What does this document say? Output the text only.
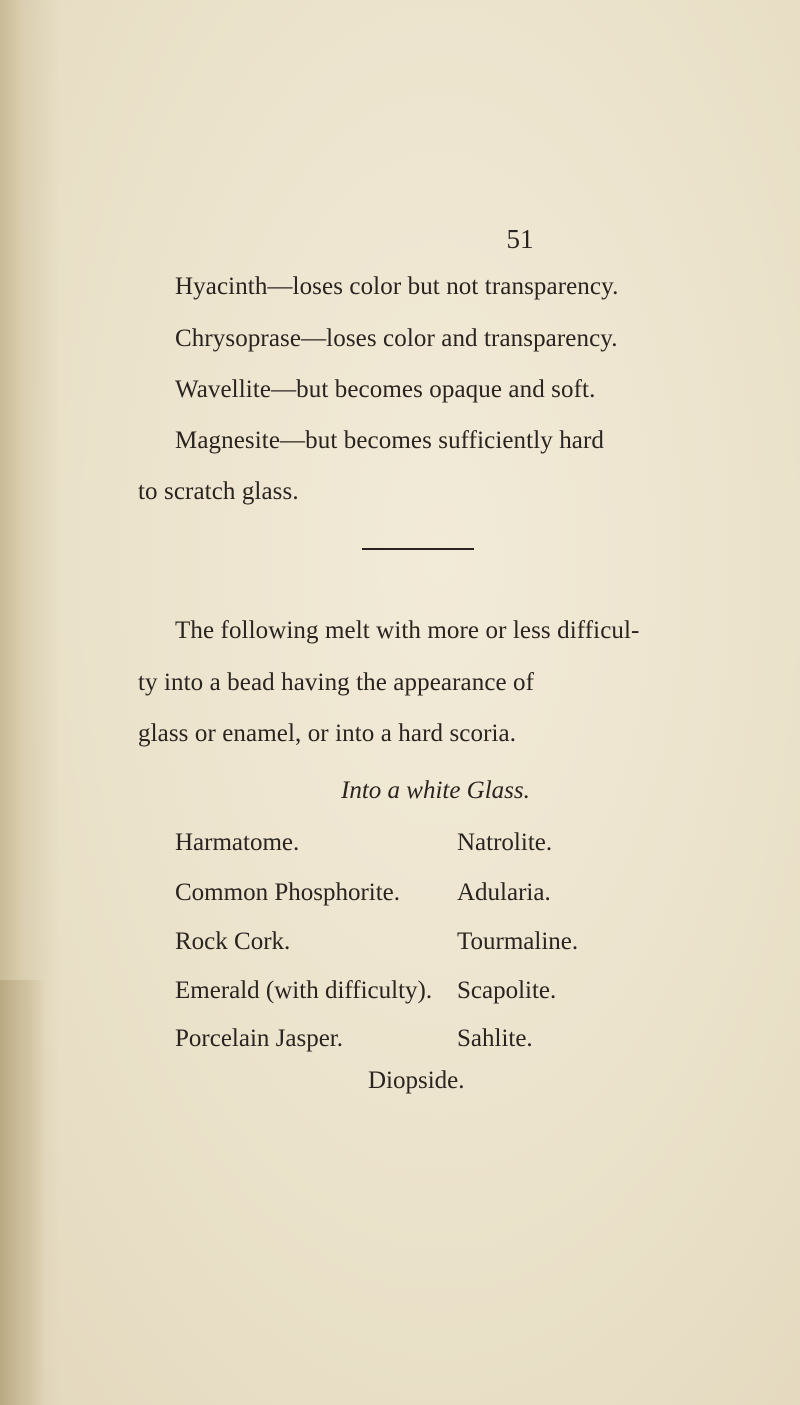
51
Hyacinth—loses color but not transparency.
Chrysoprase—loses color and transparency.
Wavellite—but becomes opaque and soft.
Magnesite—but becomes sufficiently hard
to scratch glass.
The following melt with more or less difficul-
ty into a bead having the appearance of
glass or enamel, or into a hard scoria.
Into a white Glass.
Harmatome.
Common Phosphorite.
Rock Cork.
Emerald (with difficulty).
Porcelain Jasper.
Natrolite.
Adularia.
Tourmaline.
Scapolite.
Sahlite.
Diopside.
